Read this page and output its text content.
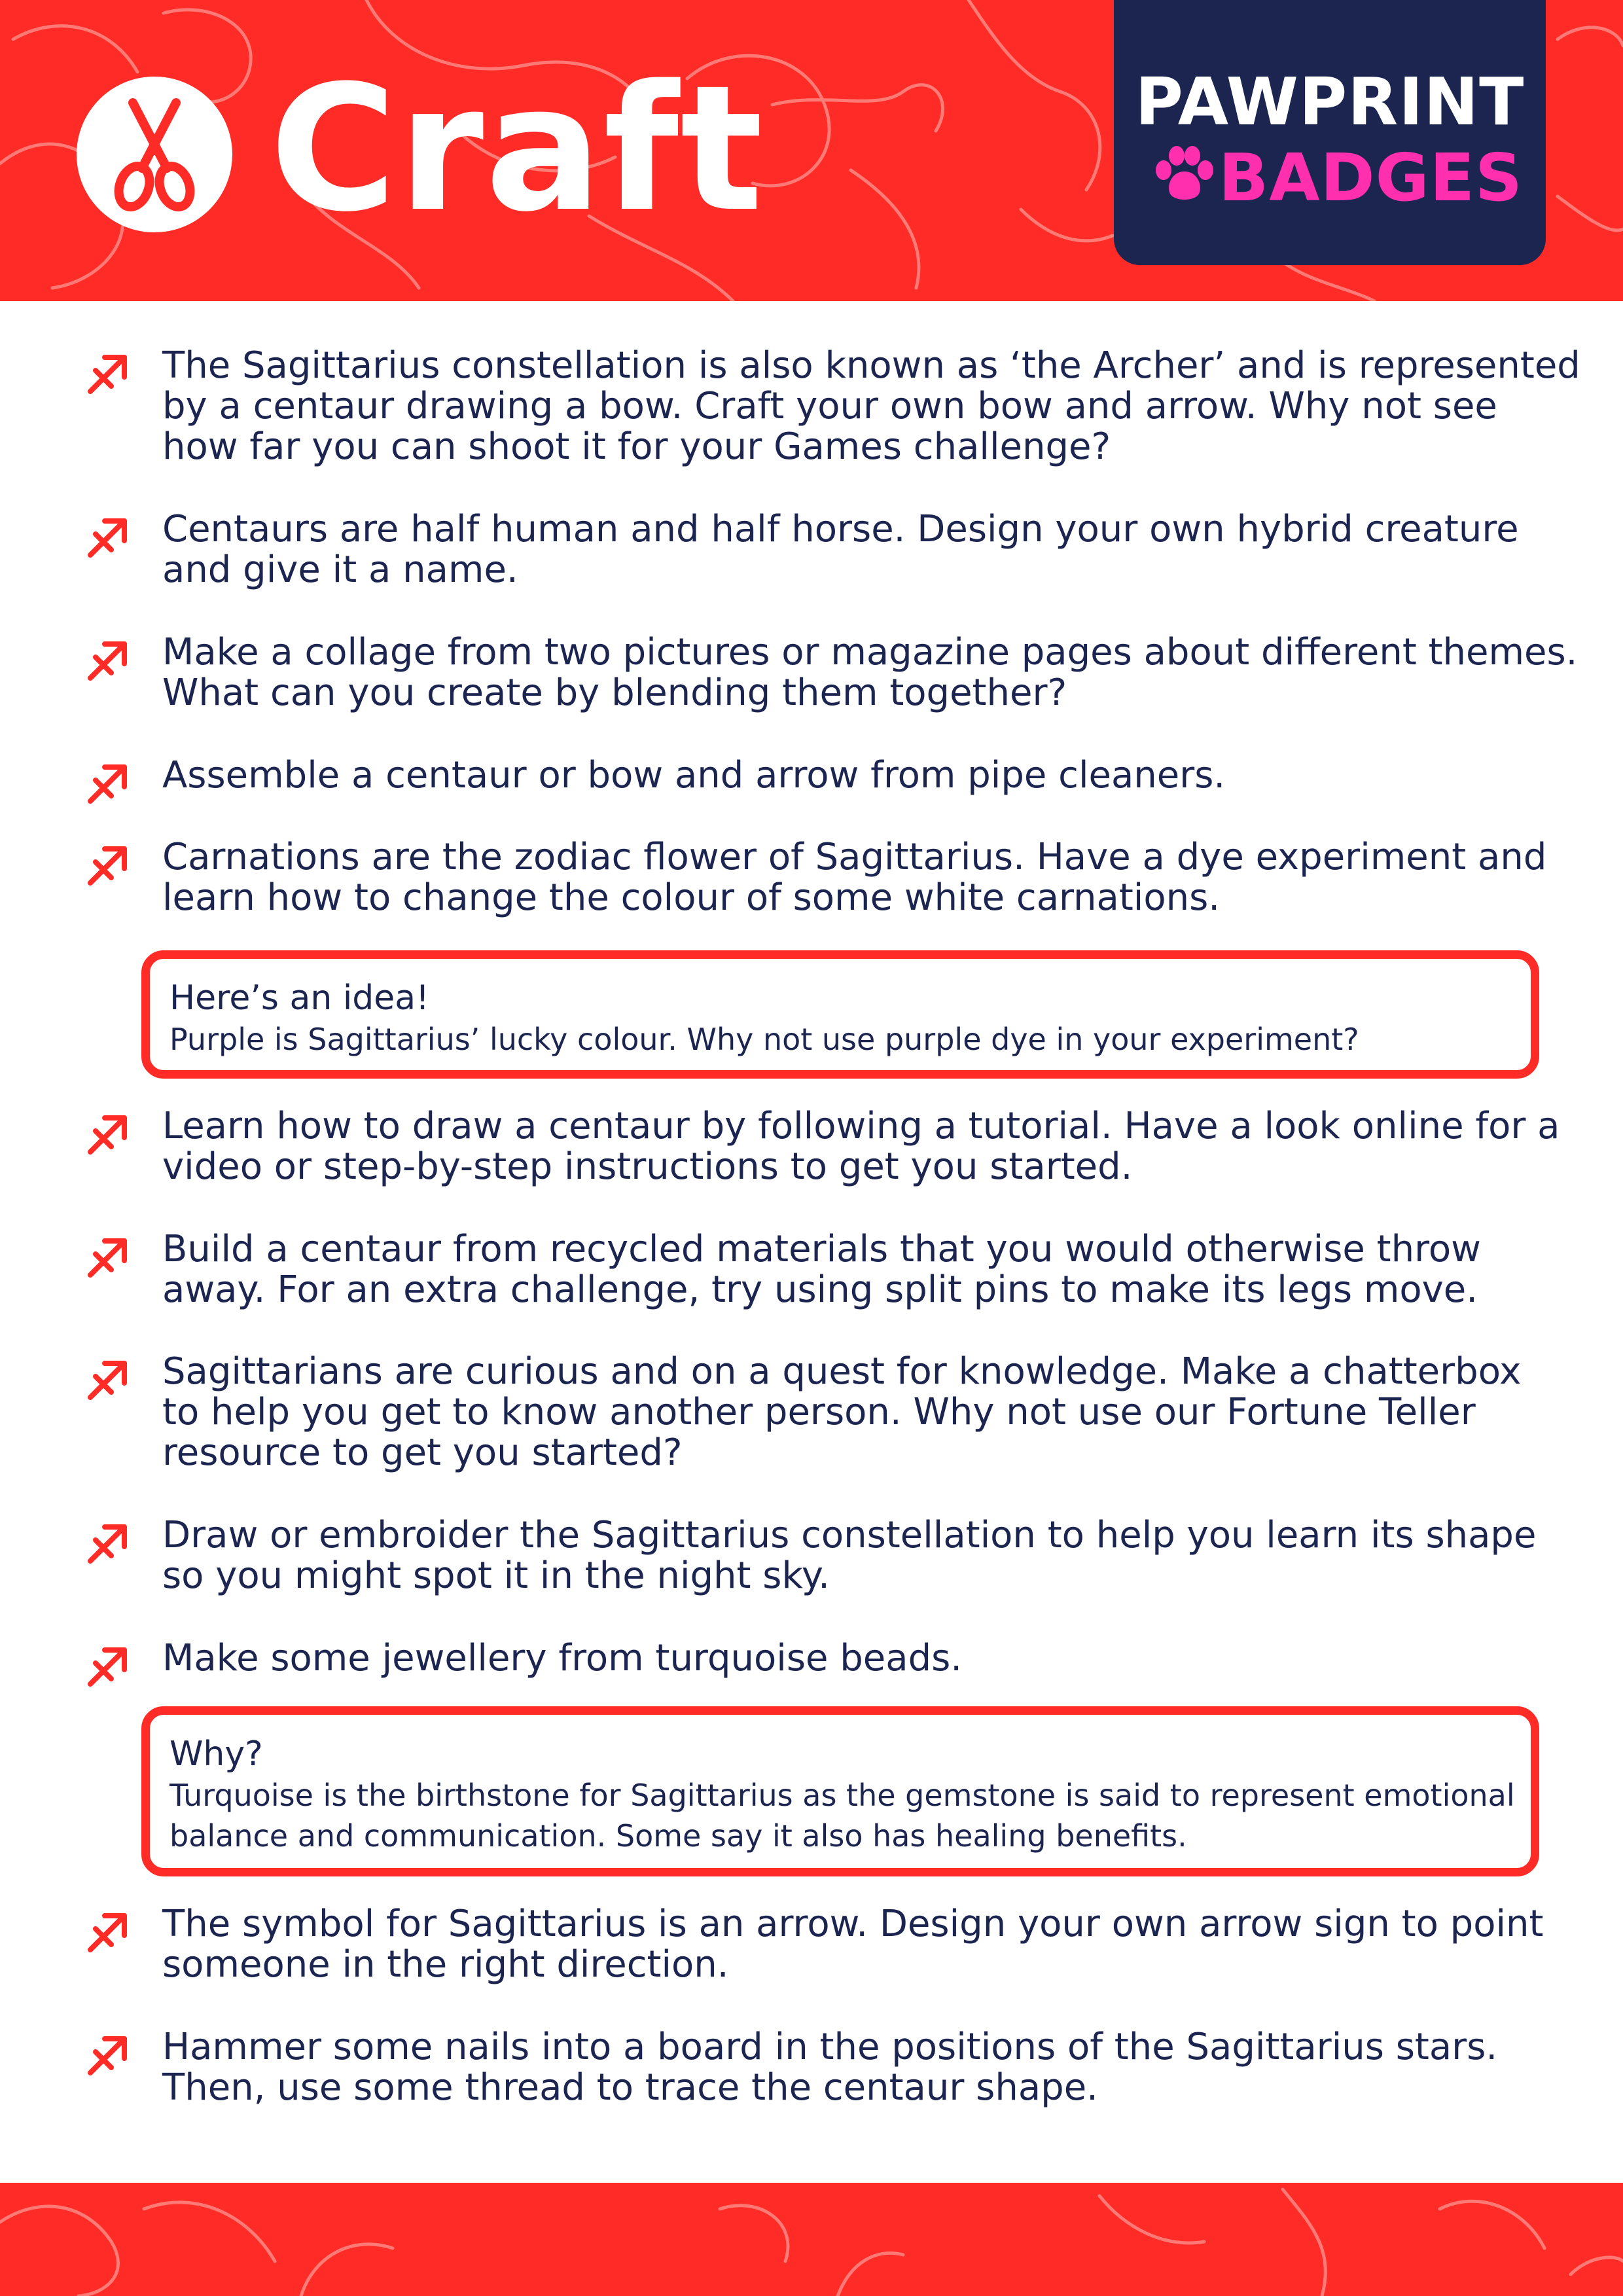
Craft	PAWPRINT
BADGES
The Sagittarius constellation is also known as ‘the Archer’ and is represented
by a centaur drawing a bow. Craft your own bow and arrow. Why not see
how far you can shoot it for your Games challenge?
Centaurs are half human and half horse. Design your own hybrid creature
and give it a name.
Make a collage from two pictures or magazine pages about different themes.
What can you create by blending them together?
Assemble a centaur or bow and arrow from pipe cleaners.
Carnations are the zodiac flower of Sagittarius. Have a dye experiment and
learn how to change the colour of some white carnations.
Here’s an idea!
Purple is Sagittarius’ lucky colour. Why not use purple dye in your experiment?
Learn how to draw a centaur by following a tutorial. Have a look online for a
video or step-by-step instructions to get you started.
Build a centaur from recycled materials that you would otherwise throw
away. For an extra challenge, try using split pins to make its legs move.
Sagittarians are curious and on a quest for knowledge. Make a chatterbox
to help you get to know another person. Why not use our Fortune Teller
resource to get you started?
Draw or embroider the Sagittarius constellation to help you learn its shape
so you might spot it in the night sky.
Make some jewellery from turquoise beads.
Why?
Turquoise is the birthstone for Sagittarius as the gemstone is said to represent emotional
balance and communication. Some say it also has healing benefits.
The symbol for Sagittarius is an arrow. Design your own arrow sign to point
someone in the right direction.
Hammer some nails into a board in the positions of the Sagittarius stars.
Then, use some thread to trace the centaur shape.
